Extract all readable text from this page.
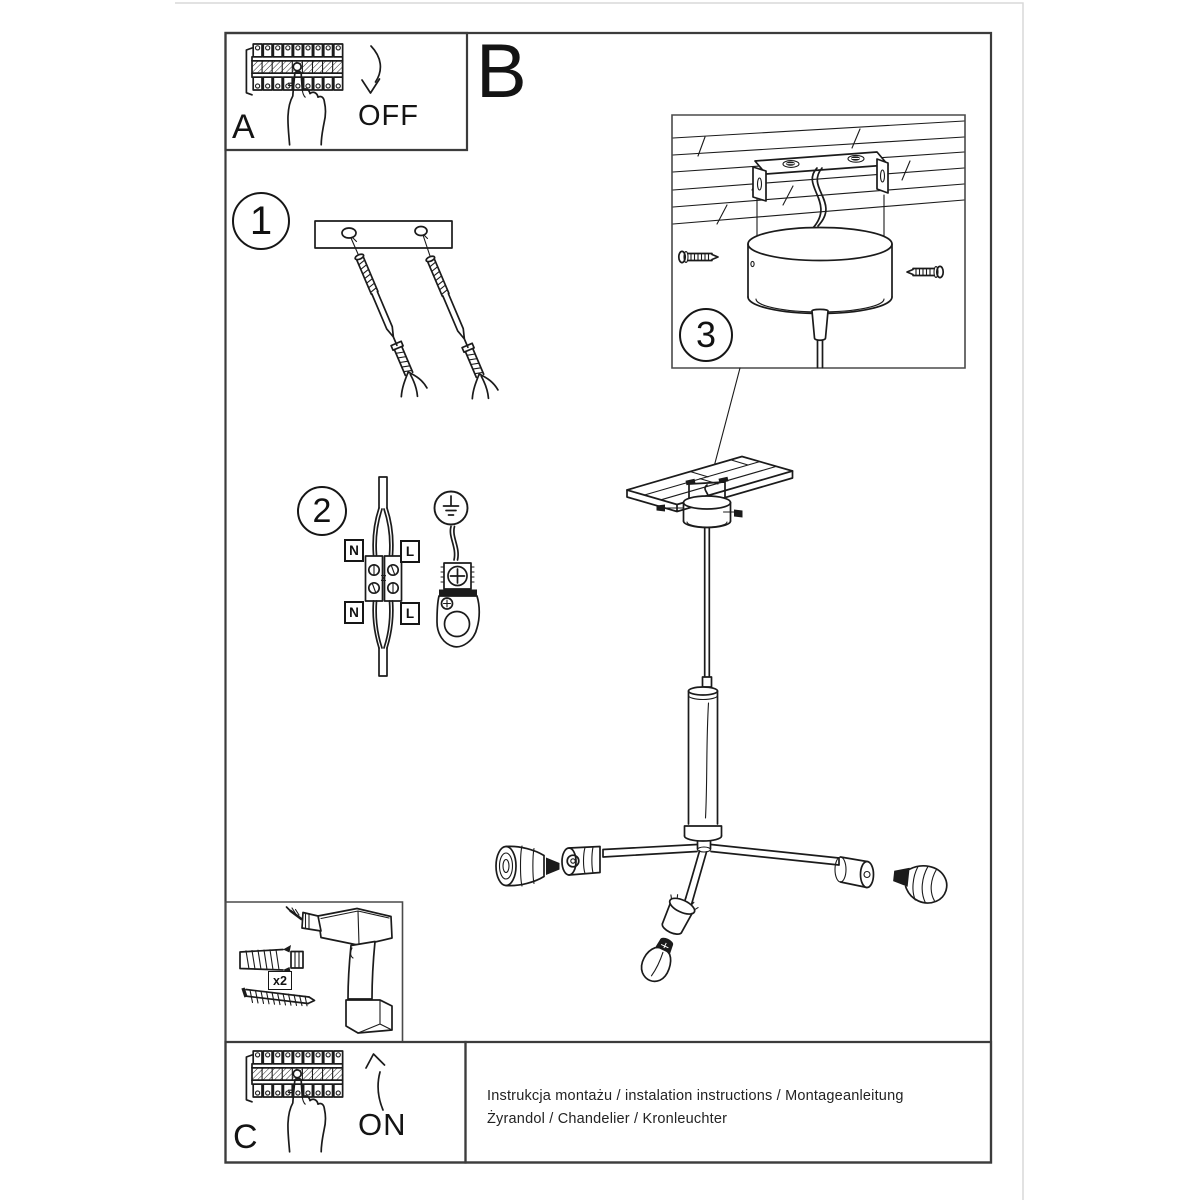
A	OFF
B
1
2
3
N	L
N	L
x2
C	ON
Instrukcja montażu / instalation instructions / Montageanleitung
Żyrandol / Chandelier / Kronleuchter
